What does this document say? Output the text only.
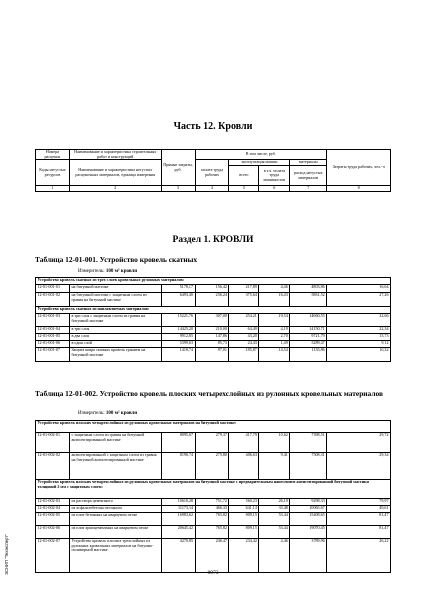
Часть 12. Кровли
Номера расценок	Наименование и характеристика строительных работ и конструкций	Прямые затраты, руб.	В том числе, руб.				Затраты труда рабочих, чел.-ч
Коды негустых ресурсов	Наименование и характеристика негустых расценочных материалов, единица измерения		оплата труда рабочих	эксплуатация машин		материалы	
				всего	в т.ч. оплата труда машинистов	расход негустых материалов	
1	2	3	4	5	6	7	8
Раздел 1. КРОВЛИ
Таблица 12-01-001. Устройство кровель скатных
Измеритель: 100 м² кровли
Устройство кровель скатных из трех слоев кровельных рулонных материалов:							
12-01-001-01	на битумной мастике	5178,17	156,42	217,89	4,46	4803,86	16,64
12-01-001-02	на битумной мастике с защитным слоем из гравия на битумной мастике	6493,40	256,24	375,64	16,43	5861,52	27,26
Устройство кровель скатных из наплавляемых материалов:							
12-01-001-03	в три слоя с защитным слоем из гравия на битумной мастике	15221,76	307,00	254,21	19,54	14660,55	32,66
12-01-001-04	в три слоя	14425,20	210,00	64,49	4,19	14150,71	22,34
12-01-001-05	в два слоя	9912,85	147,86	43,20	2,70	9721,79	15,73
12-01-001-06	в один слой	5399,63	85,73	24,43	1,49	5289,47	9,12
12-01-001-07	Защита ковра скатных кровель гранием на битумной мастике	1418,74	97,01	185,87	14,54	1135,86	10,32
Таблица 12-01-002. Устройство кровель плоских четырехслойных из рулонных кровельных материалов
Измеритель: 100 м² кровли
Устройство кровель плоских четырехслойных из рулонных кровельных материалов на битумной мастике:							
12-01-002-01	с защитным слоем из гравия на битумной антисептированной мастике	8095,67	279,37	417,79	10,62	7398,51	29,72
12-01-002-02	антисептированной с защитным слоем из гравия на битумной антисептированной мастике	8190,74	275,80	406,63	9,41	7508,31	29,34
Устройство кровель плоских четырехслойных из рулонных кровельных материалов на битумной мастике с предварительным нанесением антисептированной битумной мастики толщиной 2 мм с защитным слоем:							
12-01-002-03	из раствора цементного	10610,28	751,72	560,23	26,19	9298,33	79,97
12-01-002-04	из асфальтобетона песчаного	11173,14	466,33	641,14	33,48	10065,67	49,61
12-01-002-05	из плит бетонных на кварцевом песке	16983,62	765,82	809,15	53,44	15408,65	81,47
12-01-002-06	из плит армоцементных на кварцевом песке	20645,42	765,82	809,15	53,44	19070,45	81,47
12-01-002-07	Устройство кровель плоских трехслойных из рулонных кровельных материалов на битумно-полимерной мастике	4270,85	246,47	234,42	4,46	3789,96	26,22
ЭСНИП "Техэксперт"	8973
